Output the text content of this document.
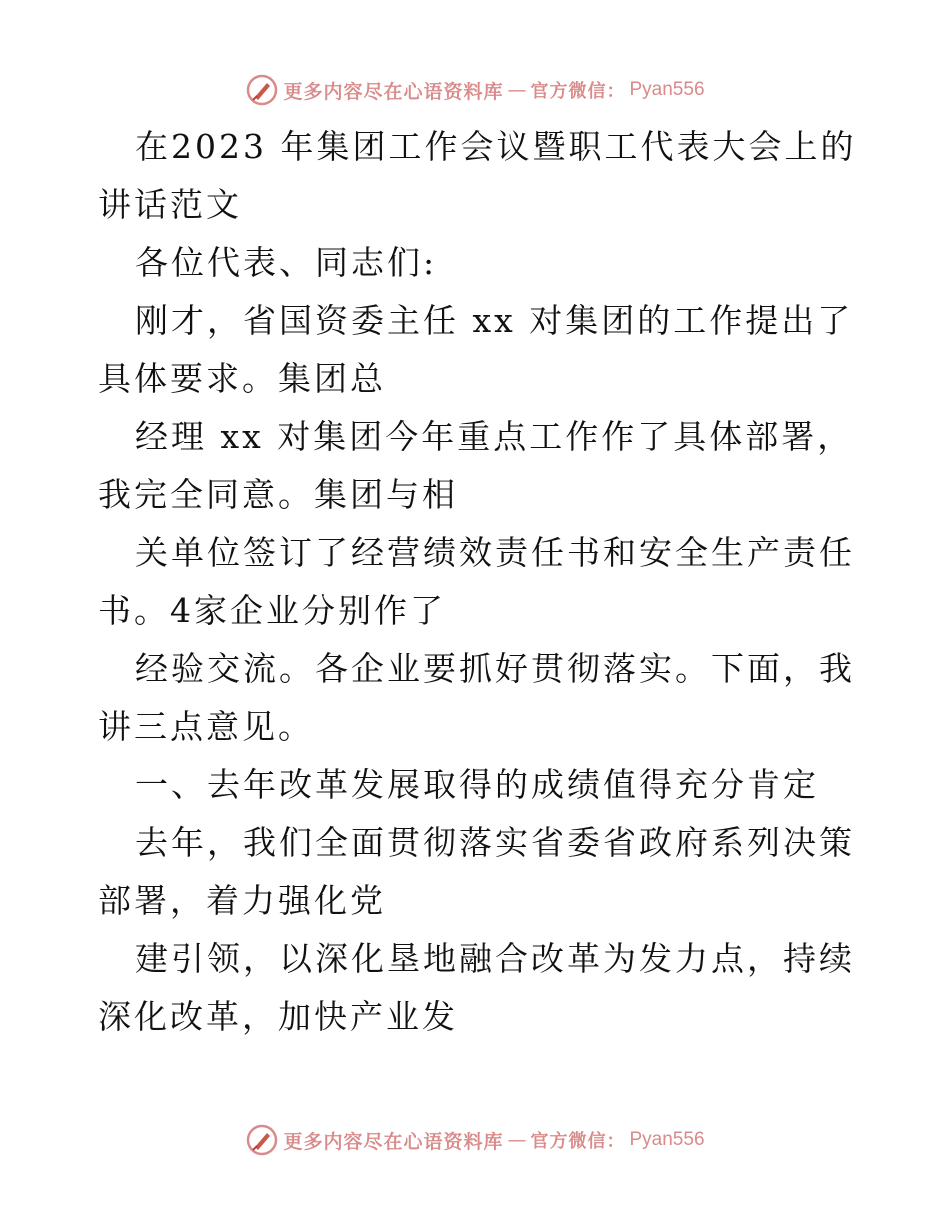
更多内容尽在心语资料库 — 官方微信： Pyan556

在2023 年集团工作会议暨职工代表大会上的讲话范文

各位代表、同志们:

刚才，省国资委主任 xx 对集团的工作提出了具体要求。集团总

经理 xx 对集团今年重点工作作了具体部署，我完全同意。集团与相

关单位签订了经营绩效责任书和安全生产责任书。4家企业分别作了

经验交流。各企业要抓好贯彻落实。下面，我讲三点意见。

一、去年改革发展取得的成绩值得充分肯定

去年，我们全面贯彻落实省委省政府系列决策部署，着力强化党

建引领，以深化垦地融合改革为发力点，持续深化改革，加快产业发

更多内容尽在心语资料库 — 官方微信： Pyan556
